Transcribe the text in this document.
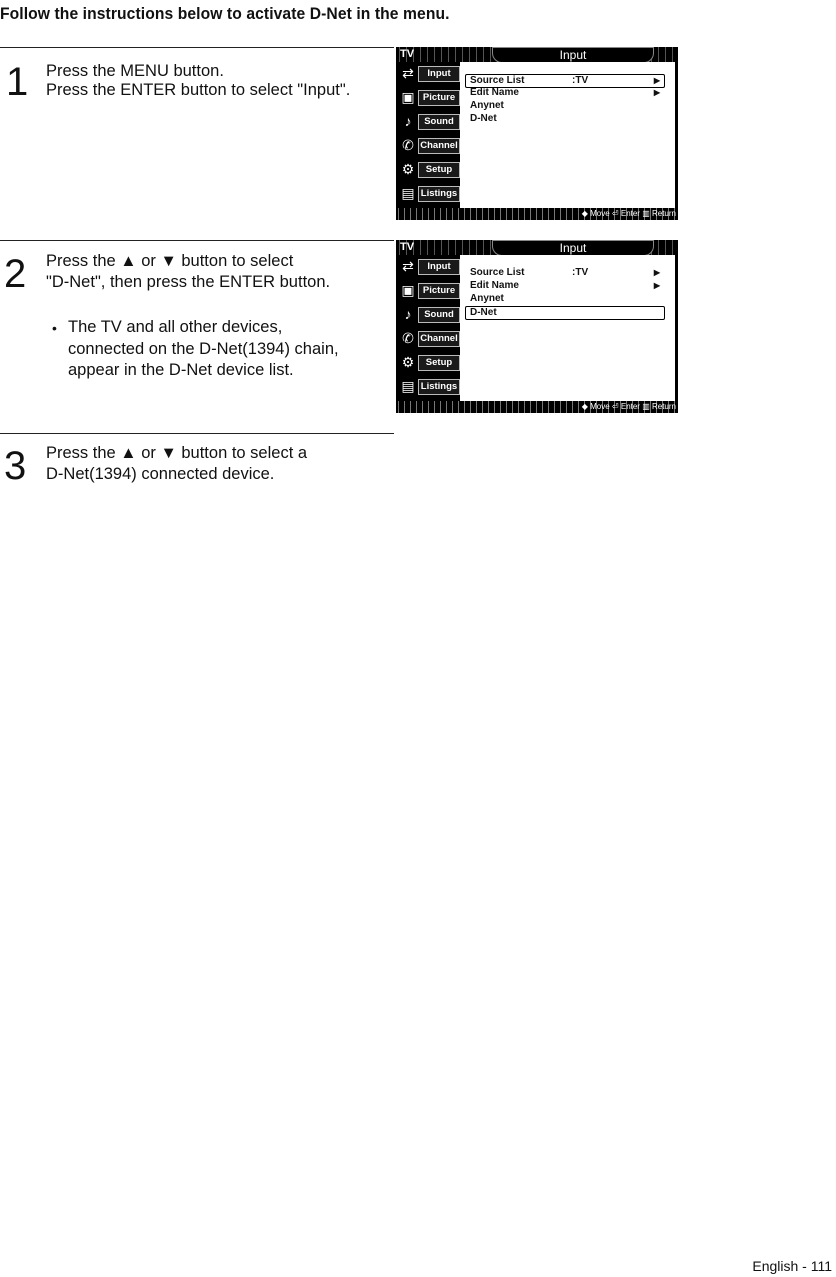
Follow the instructions below to activate D-Net in the menu.
1 Press the MENU button.
Press the ENTER button to select "Input".
2 Press the ▲ or ▼ button to select
"D-Net", then press the ENTER button.
• The TV and all other devices,
connected on the D-Net(1394) chain,
appear in the D-Net device list.
3 Press the ▲ or ▼ button to select a
D-Net(1394) connected device.
TV	Input
⇄	Input
▣ Picture
♪	Sound
✆ Channel
⚙	Setup
▤ Listings
Source List	:TV	▶
Edit Name	▶
Anynet
D-Net
◆ Move ⏎ Enter ▥ Return
TV	Input
⇄	Input
▣ Picture
♪	Sound
✆ Channel
⚙	Setup
▤ Listings
Source List	:TV	▶
Edit Name	▶
Anynet
D-Net
◆ Move ⏎ Enter ▥ Return
English - 111
